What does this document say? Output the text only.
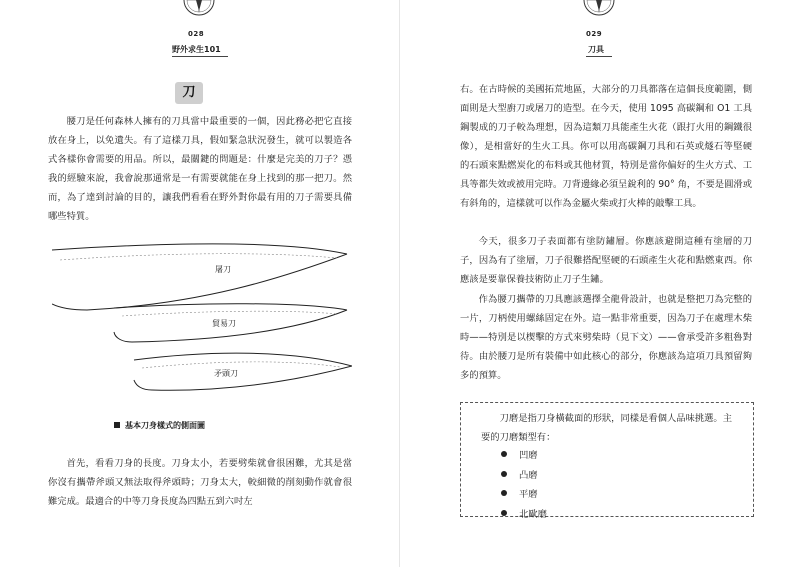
028
野外求生101
刀

腰刀是任何森林人擁有的刀具當中最重要的一個，因此務必把它直接放在身上，以免遺失。有了這樣刀具，假如緊急狀況發生，就可以製造各式各樣你會需要的用品。所以，最關鍵的問題是：什麼是完美的刀子？憑我的經驗來說，我會說那通常是一有需要就能在身上找到的那一把刀。然而，為了達到討論的目的，讓我們看看在野外對你最有用的刀子需要具備哪些特質。

屠刀
貿易刀
矛頭刀
基本刀身樣式的側面圖

首先，看看刀身的長度。刀身太小，若要劈柴就會很困難，尤其是當你沒有攜帶斧頭又無法取得斧頭時；刀身太大，較細微的削刻動作就會很難完成。最適合的中等刀身長度為四點五到六吋左

029
刀具

右。在古時候的美國拓荒地區，大部分的刀具都落在這個長度範圍，側面則是大型廚刀或屠刀的造型。在今天，使用 1095 高碳鋼和 O1 工具鋼製成的刀子較為理想，因為這類刀具能產生火花（跟打火用的鋼鐵很像），是相當好的生火工具。你可以用高碳鋼刀具和石英或燧石等堅硬的石頭來點燃炭化的布料或其他材質，特別是當你偏好的生火方式、工具等都失效或被用完時。刀背邊緣必須呈銳利的 90° 角，不要是圓滑或有斜角的，這樣就可以作為金屬火柴或打火棒的敲擊工具。

今天，很多刀子表面都有塗防鏽層。你應該避開這種有塗層的刀子，因為有了塗層，刀子很難搭配堅硬的石頭產生火花和點燃東西。你應該是要靠保養技術防止刀子生鏽。

作為腰刀攜帶的刀具應該選擇全龍骨設計，也就是整把刀為完整的一片，刀柄使用螺絲固定在外。這一點非常重要，因為刀子在處理木柴時——特別是以楔擊的方式來劈柴時（見下文）——會承受許多粗魯對待。由於腰刀是所有裝備中如此核心的部分，你應該為這項刀具預留夠多的預算。

刀磨是指刀身橫截面的形狀，同樣是看個人品味挑選。主要的刀磨類型有：

凹磨
凸磨
平磨
北歐磨
